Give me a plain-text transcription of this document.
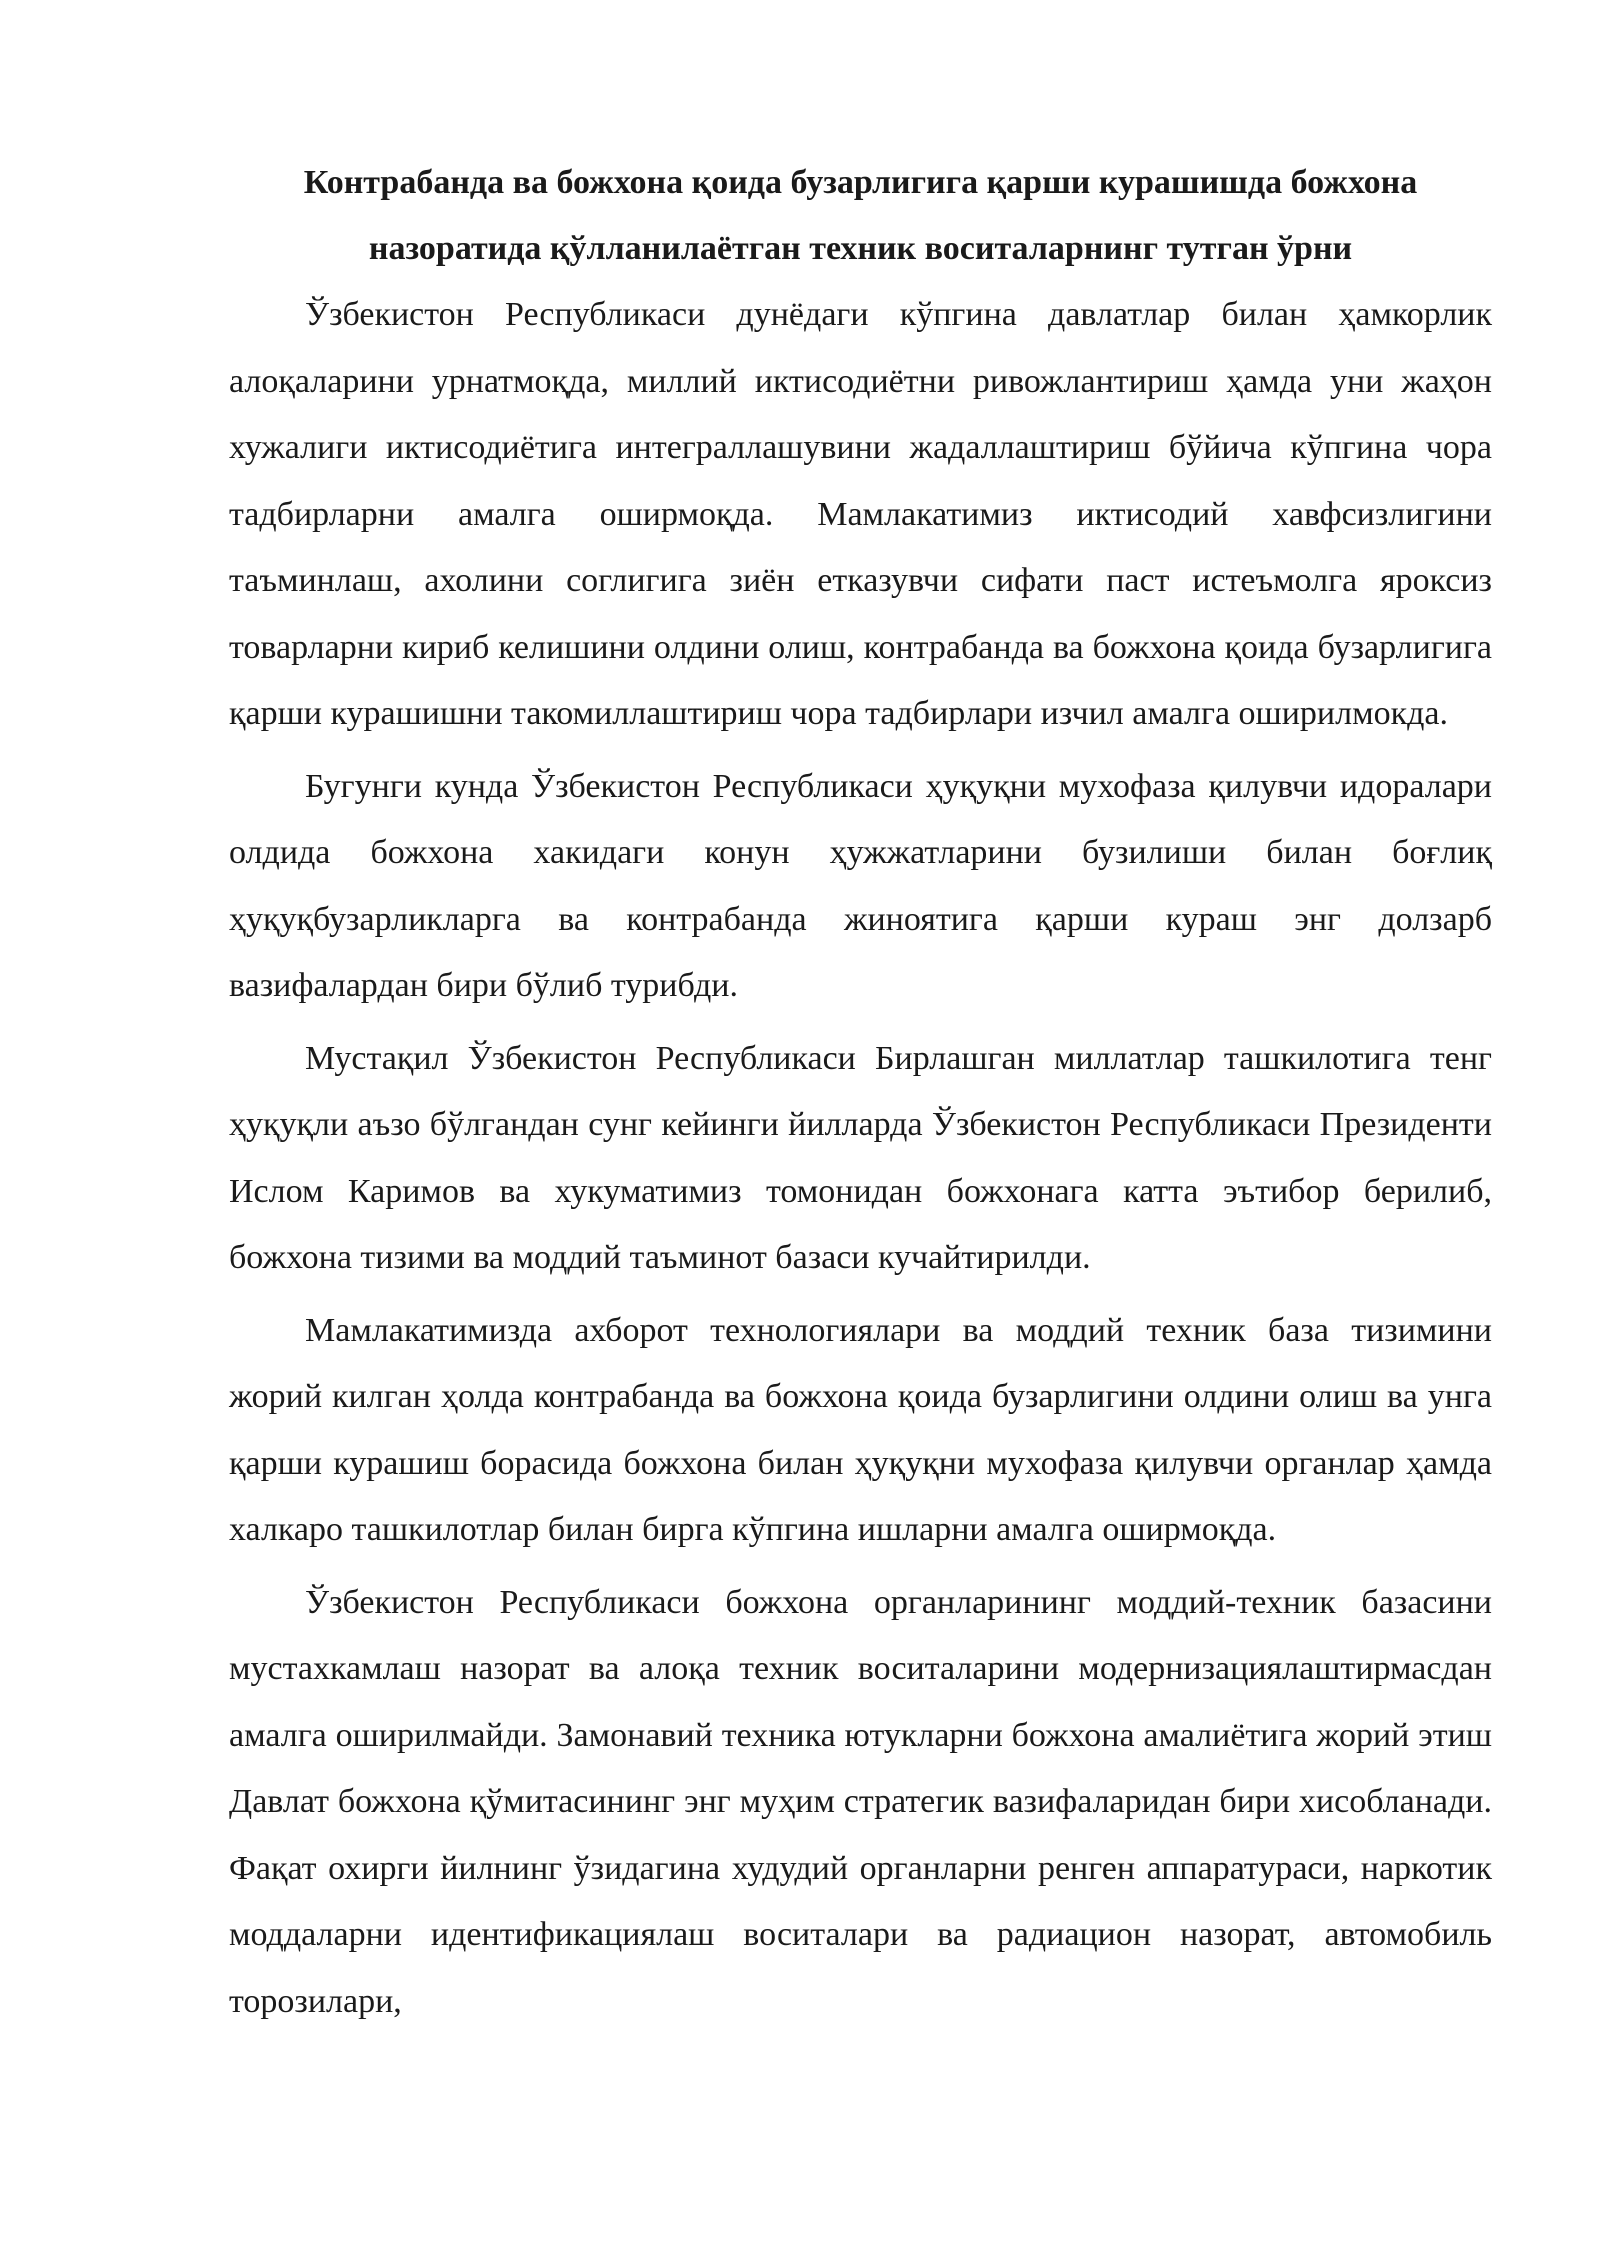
Контрабанда ва божхона қоида бузарлигига қарши курашишда божхона
назоратида қўлланилаётган техник воситаларнинг тутган ўрни

Ўзбекистон Республикаси дунёдаги кўпгина давлатлар билан ҳамкорлик алоқаларини урнатмоқда, миллий иктисодиётни ривожлантириш ҳамда уни жаҳон хужалиги иктисодиётига интеграллашувини жадаллаштириш бўйича кўпгина чора тадбирларни амалга оширмоқда. Мамлакатимиз иктисодий хавфсизлигини таъминлаш, ахолини соглигига зиён етказувчи сифати паст истеъмолга яроксиз товарларни кириб келишини олдини олиш, контрабанда ва божхона қоида бузарлигига қарши курашишни такомиллаштириш чора тадбирлари изчил амалга оширилмокда.

Бугунги кунда Ўзбекистон Республикаси ҳуқуқни мухофаза қилувчи идоралари олдида божхона хакидаги конун ҳужжатларини бузилиши билан боғлиқ ҳуқуқбузарликларга ва контрабанда жиноятига қарши кураш энг долзарб вазифалардан бири бўлиб турибди.

Мустақил Ўзбекистон Республикаси Бирлашган миллатлар ташкилотига тенг ҳуқуқли аъзо бўлгандан сунг кейинги йилларда Ўзбекистон Республикаси Президенти Ислом Каримов ва хукуматимиз томонидан божхонага катта эътибор берилиб, божхона тизими ва моддий таъминот базаси кучайтирилди.

Мамлакатимизда ахборот технологиялари ва моддий техник база тизимини жорий килган ҳолда контрабанда ва божхона қоида бузарлигини олдини олиш ва унга қарши курашиш борасида божхона билан ҳуқуқни мухофаза қилувчи органлар ҳамда халкаро ташкилотлар билан бирга кўпгина ишларни амалга оширмоқда.

Ўзбекистон Республикаси божхона органларининг моддий-техник базасини мустахкамлаш назорат ва алоқа техник воситаларини модернизациялаштирмасдан амалга оширилмайди. Замонавий техника ютукларни божхона амалиётига жорий этиш Давлат божхона қўмитасининг энг муҳим стратегик вазифаларидан бири хисобланади. Фақат охирги йилнинг ўзидагина худудий органларни ренген аппаратураси, наркотик моддаларни идентификациялаш воситалари ва радиацион назорат, автомобиль торозилари,
